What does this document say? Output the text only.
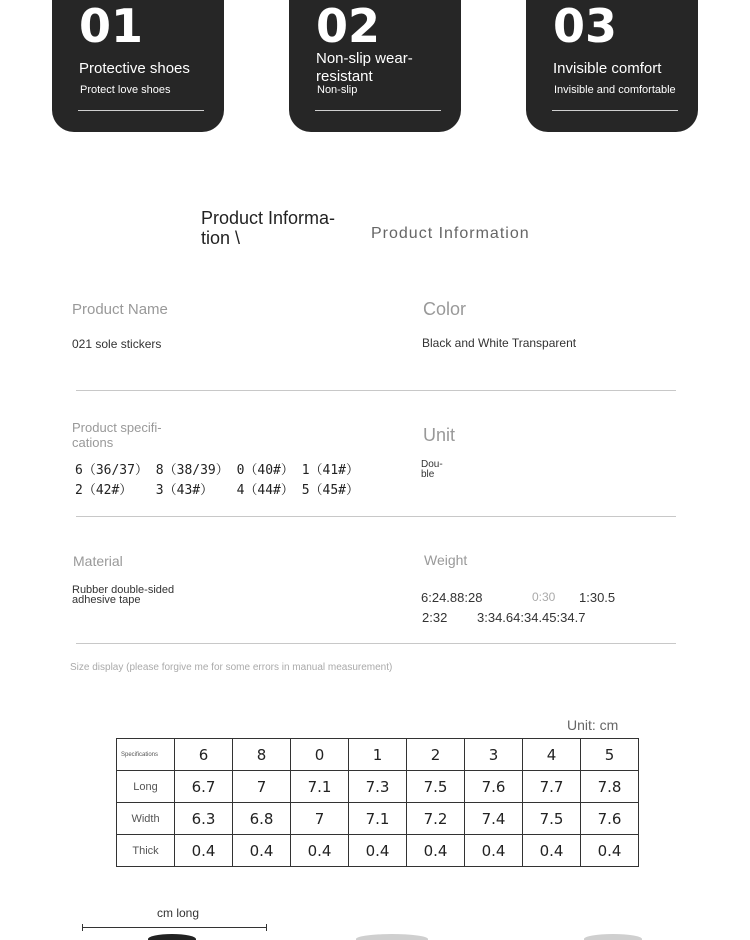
01
Protective shoes
Protect love shoes
02
Non-slip wear-resistant
Non-slip
03
Invisible comfort
Invisible and comfortable
Product Informa-tion \	Product Information
Product Name
021 sole stickers
Color
Black and White Transparent
Product specifi-cations
6（36/37） 8（38/39） 0（40#） 1（41#）
2（42#）   3（43#）   4（44#） 5（45#）
Unit
Dou-ble
Material
Rubber double-sided adhesive tape
Weight
6:24.88:28	0:30 1:30.5
2:32 3:34.64:34.45:34.7
Size display (please forgive me for some errors in manual measurement)
Unit: cm
Specifications	6	8	0	1	2	3	4	5
Long	6.7	7	7.1	7.3	7.5	7.6	7.7	7.8
Width	6.3	6.8	7	7.1	7.2	7.4	7.5	7.6
Thick	0.4	0.4	0.4	0.4	0.4	0.4	0.4	0.4
cm long
